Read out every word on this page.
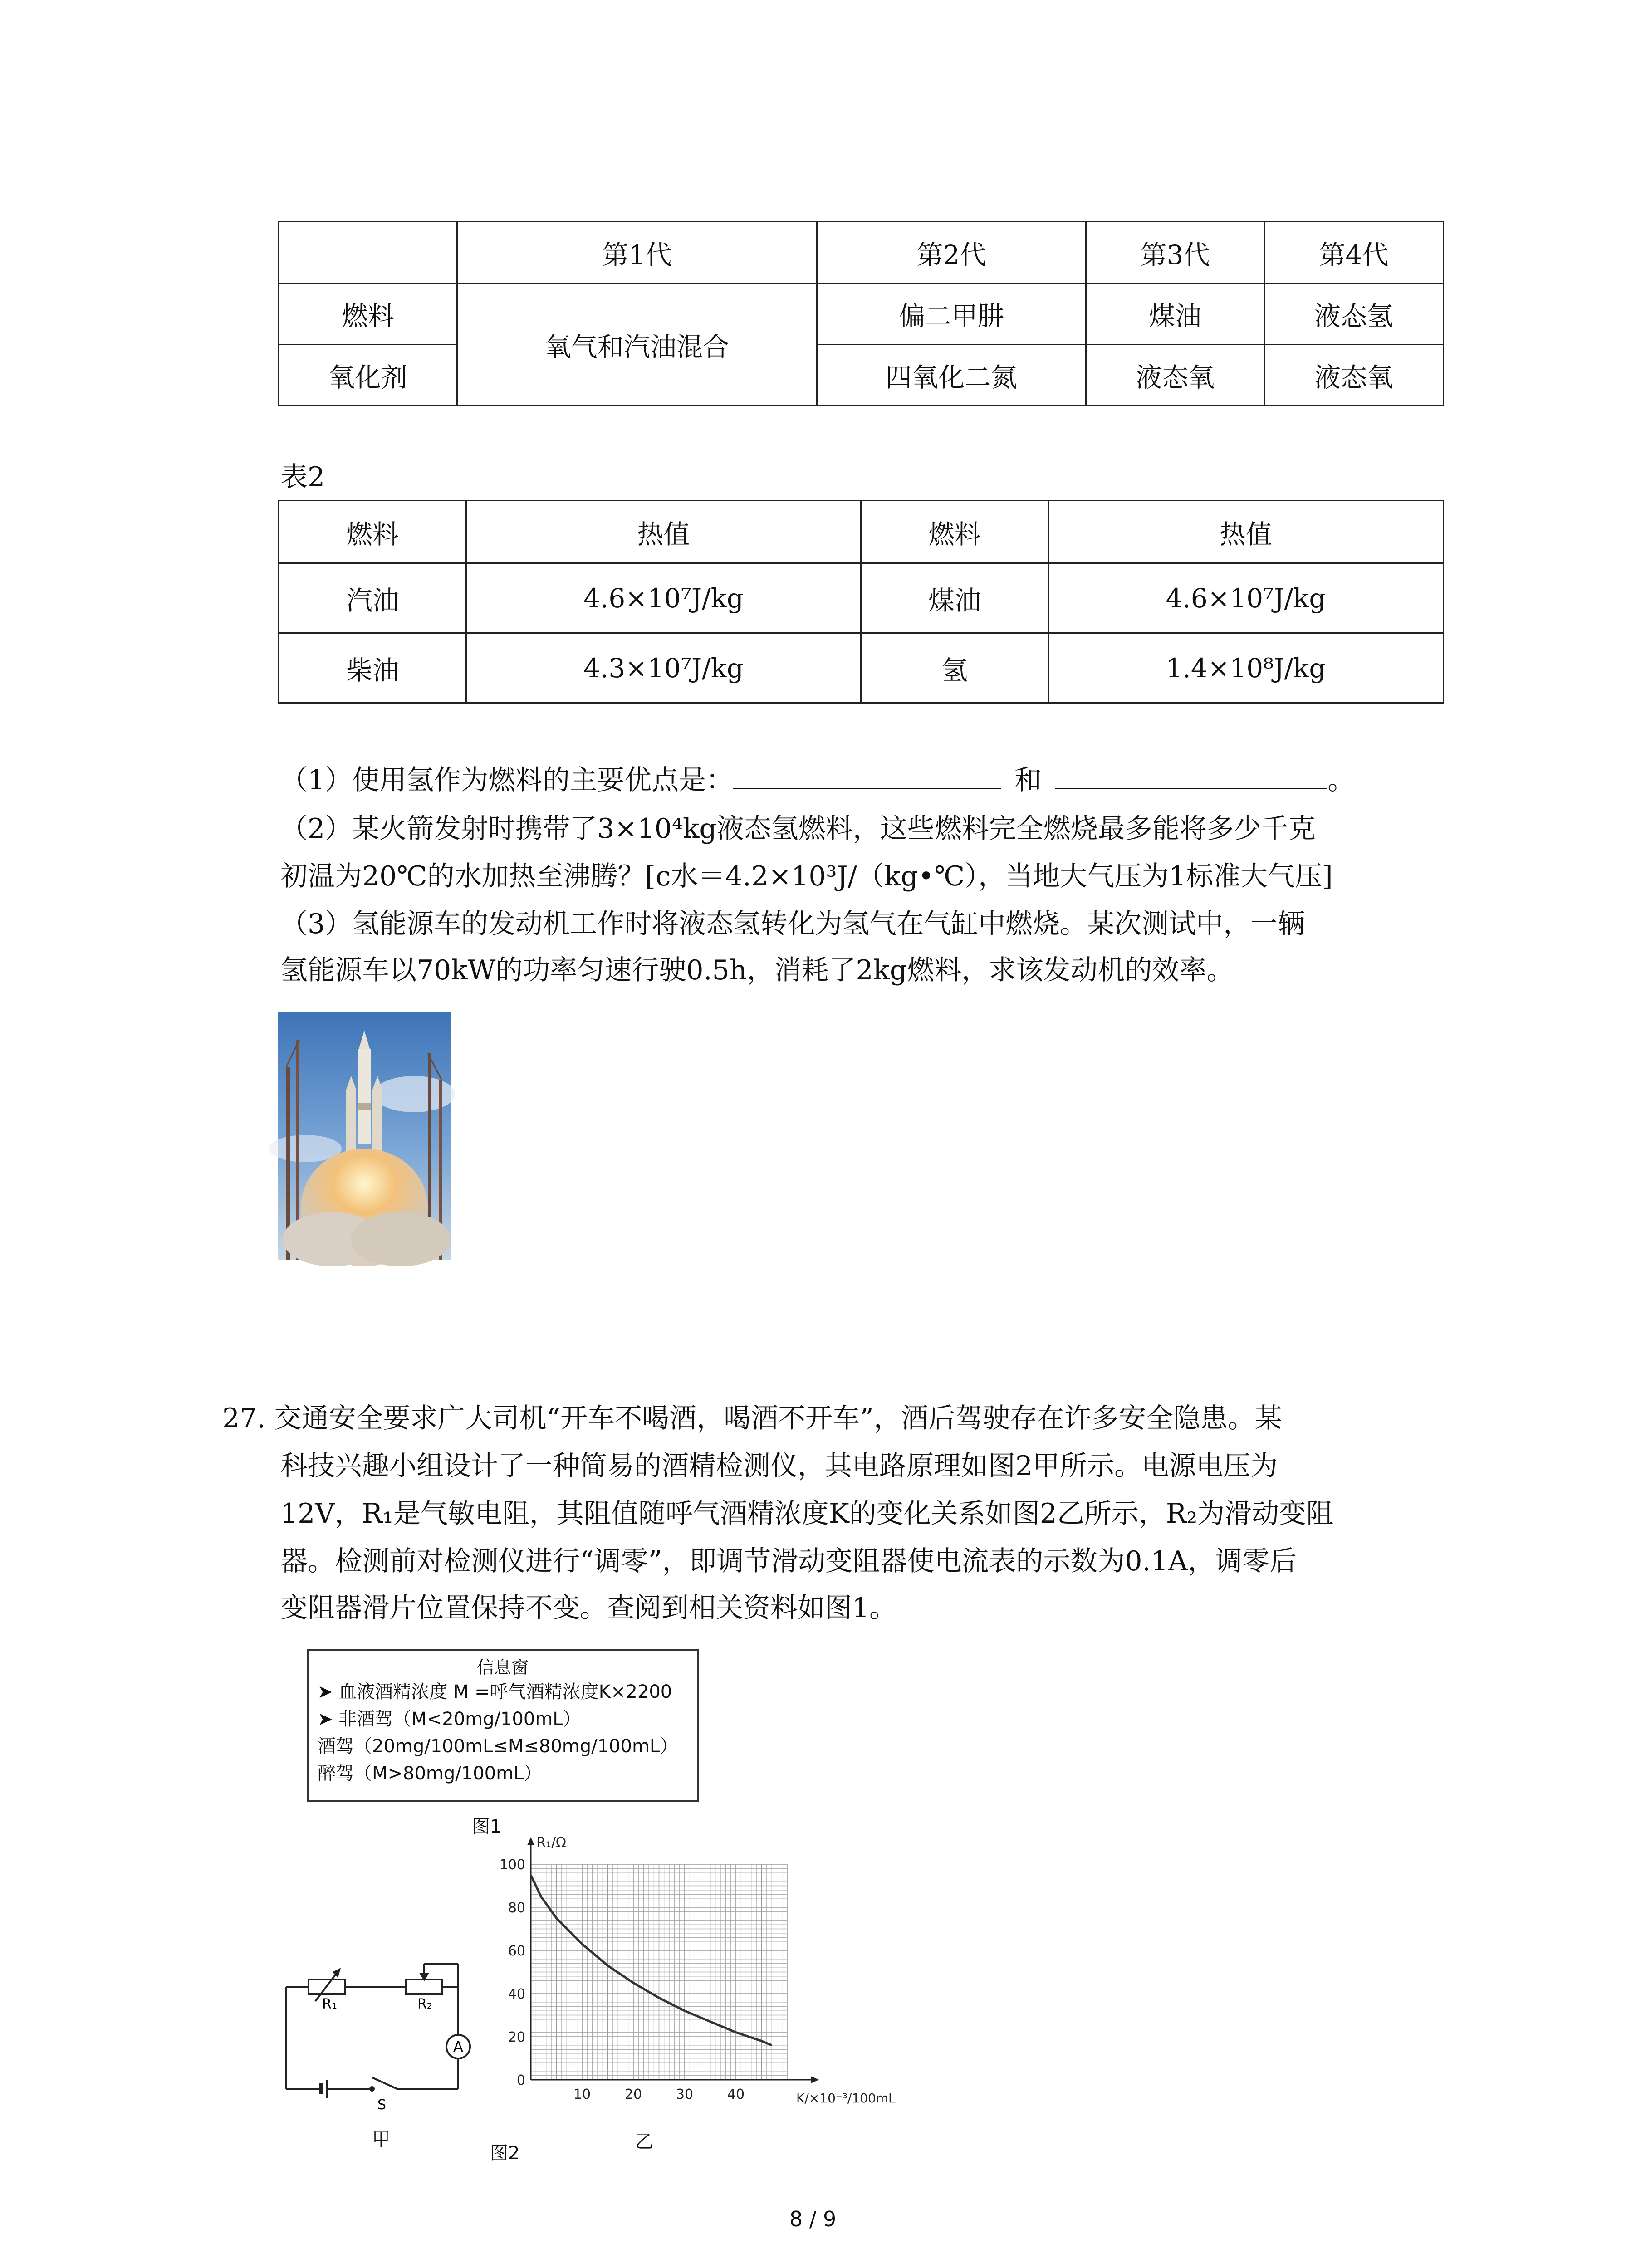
	第1代	第2代	第3代	第4代
燃料	氧气和汽油混合	偏二甲肼	煤油	液态氢
氧化剂		四氧化二氮	液态氧	液态氧
表2
燃料	热值	燃料	热值
汽油	4.6×10⁷J/kg	煤油	4.6×10⁷J/kg
柴油	4.3×10⁷J/kg	氢	1.4×10⁸J/kg
（1）使用氢作为燃料的主要优点是：	和	。
（2）某火箭发射时携带了3×10⁴kg液态氢燃料，这些燃料完全燃烧最多能将多少千克
初温为20℃的水加热至沸腾？[c水＝4.2×10³J/（kg•℃），当地大气压为1标准大气压]
（3）氢能源车的发动机工作时将液态氢转化为氢气在气缸中燃烧。某次测试中，一辆
氢能源车以70kW的功率匀速行驶0.5h，消耗了2kg燃料，求该发动机的效率。
27. 交通安全要求广大司机“开车不喝酒，喝酒不开车”，酒后驾驶存在许多安全隐患。某
科技兴趣小组设计了一种简易的酒精检测仪，其电路原理如图2甲所示。电源电压为
12V，R₁是气敏电阻，其阻值随呼气酒精浓度K的变化关系如图2乙所示，R₂为滑动变阻
器。检测前对检测仪进行“调零”，即调节滑动变阻器使电流表的示数为0.1A，调零后
变阻器滑片位置保持不变。查阅到相关资料如图1。
信息窗
➤ 血液酒精浓度 M =呼气酒精浓度K×2200
➤ 非酒驾（M<20mg/100mL）
酒驾（20mg/100mL≤M≤80mg/100mL）
醉驾（M>80mg/100mL）
图1
R₁	R₂
A
S
甲
图2
0
20
40
60
80
100
10 20 30 40
R₁/Ω
K/×10⁻³/100mL
乙
8 / 9
